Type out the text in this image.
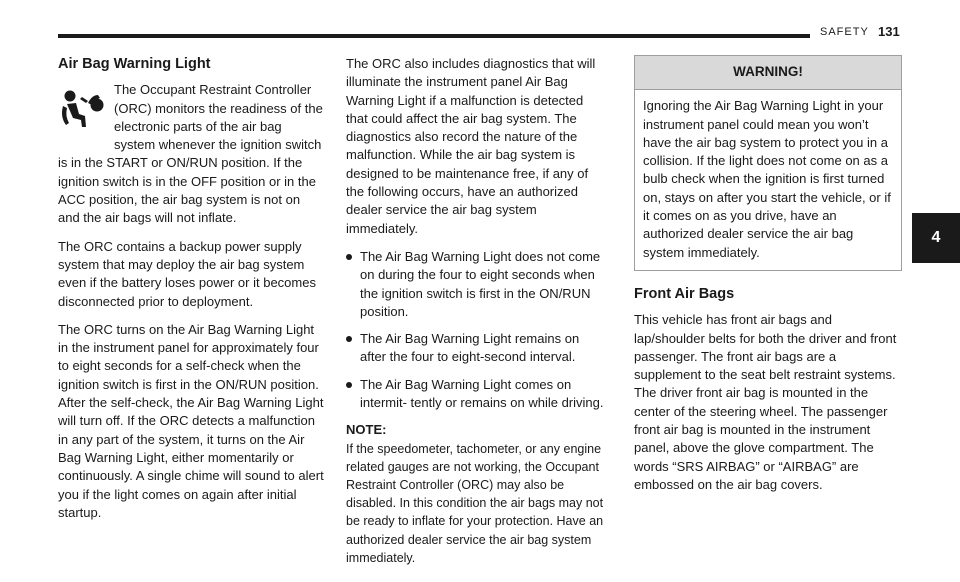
SAFETY 131
4
Air Bag Warning Light

The Occupant Restraint Controller (ORC) monitors the readiness of the electronic parts of the air bag system whenever the ignition switch is in the START or ON/RUN position. If the ignition switch is in the OFF position or in the ACC position, the air bag system is not on and the air bags will not inflate.

The ORC contains a backup power supply system that may deploy the air bag system even if the battery loses power or it becomes disconnected prior to deployment.

The ORC turns on the Air Bag Warning Light in the instrument panel for approximately four to eight seconds for a self-check when the ignition switch is first in the ON/RUN position. After the self-check, the Air Bag Warning Light will turn off. If the ORC detects a malfunction in any part of the system, it turns on the Air Bag Warning Light, either momentarily or continuously. A single chime will sound to alert you if the light comes on again after initial startup.

The ORC also includes diagnostics that will illuminate the instrument panel Air Bag Warning Light if a malfunction is detected that could affect the air bag system. The diagnostics also record the nature of the malfunction. While the air bag system is designed to be maintenance free, if any of the following occurs, have an authorized dealer service the air bag system immediately.

The Air Bag Warning Light does not come on during the four to eight seconds when the ignition switch is first in the ON/RUN position.
The Air Bag Warning Light remains on after the four to eight-second interval.
The Air Bag Warning Light comes on intermit- tently or remains on while driving.
NOTE:
If the speedometer, tachometer, or any engine related gauges are not working, the Occupant Restraint Controller (ORC) may also be disabled. In this condition the air bags may not be ready to inflate for your protection. Have an authorized dealer service the air bag system immediately.
WARNING!
Ignoring the Air Bag Warning Light in your instrument panel could mean you won’t have the air bag system to protect you in a collision. If the light does not come on as a bulb check when the ignition is first turned on, stays on after you start the vehicle, or if it comes on as you drive, have an authorized dealer service the air bag system immediately.
Front Air Bags

This vehicle has front air bags and lap/shoulder belts for both the driver and front passenger. The front air bags are a supplement to the seat belt restraint systems. The driver front air bag is mounted in the center of the steering wheel. The passenger front air bag is mounted in the instrument panel, above the glove compartment. The words “SRS AIRBAG” or “AIRBAG” are embossed on the air bag covers.
